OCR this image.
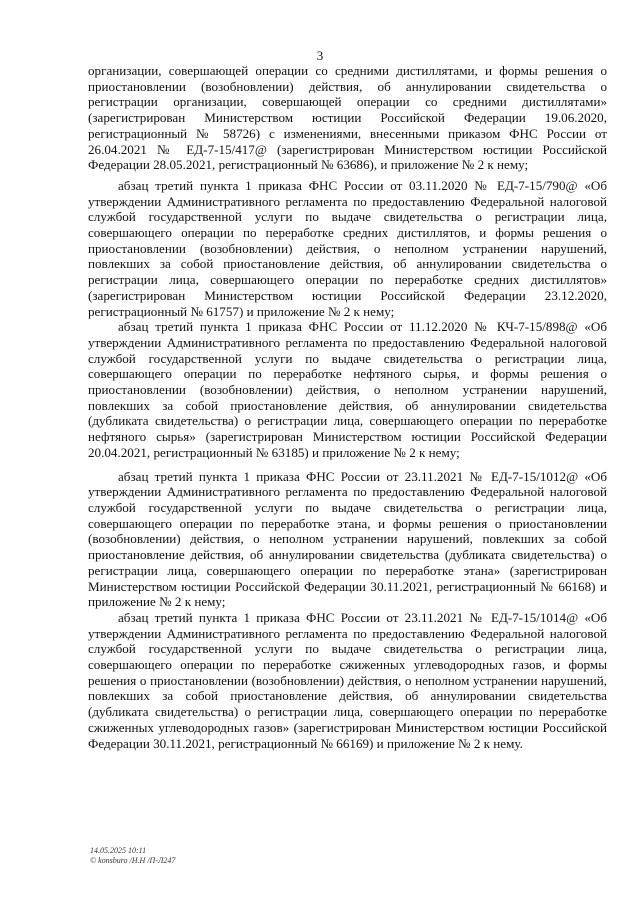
3

организации, совершающей операции со средними дистиллятами, и формы решения о приостановлении (возобновлении) действия, об аннулировании свидетельства о регистрации организации, совершающей операции со средними дистиллятами» (зарегистрирован Министерством юстиции Российской Федерации 19.06.2020, регистрационный № 58726) с изменениями, внесенными приказом ФНС России от 26.04.2021 № ЕД-7-15/417@ (зарегистрирован Министерством юстиции Российской Федерации 28.05.2021, регистрационный № 63686), и приложение № 2 к нему;

абзац третий пункта 1 приказа ФНС России от 03.11.2020 № ЕД-7-15/790@ «Об утверждении Административного регламента по предоставлению Федеральной налоговой службой государственной услуги по выдаче свидетельства о регистрации лица, совершающего операции по переработке средних дистиллятов, и формы решения о приостановлении (возобновлении) действия, о неполном устранении нарушений, повлекших за собой приостановление действия, об аннулировании свидетельства о регистрации лица, совершающего операции по переработке средних дистиллятов» (зарегистрирован Министерством юстиции Российской Федерации 23.12.2020, регистрационный № 61757) и приложение № 2 к нему;

абзац третий пункта 1 приказа ФНС России от 11.12.2020 № КЧ-7-15/898@ «Об утверждении Административного регламента по предоставлению Федеральной налоговой службой государственной услуги по выдаче свидетельства о регистрации лица, совершающего операции по переработке нефтяного сырья, и формы решения о приостановлении (возобновлении) действия, о неполном устранении нарушений, повлекших за собой приостановление действия, об аннулировании свидетельства (дубликата свидетельства) о регистрации лица, совершающего операции по переработке нефтяного сырья» (зарегистрирован Министерством юстиции Российской Федерации 20.04.2021, регистрационный № 63185) и приложение № 2 к нему;

абзац третий пункта 1 приказа ФНС России от 23.11.2021 № ЕД-7-15/1012@ «Об утверждении Административного регламента по предоставлению Федеральной налоговой службой государственной услуги по выдаче свидетельства о регистрации лица, совершающего операции по переработке этана, и формы решения о приостановлении (возобновлении) действия, о неполном устранении нарушений, повлекших за собой приостановление действия, об аннулировании свидетельства (дубликата свидетельства) о регистрации лица, совершающего операции по переработке этана» (зарегистрирован Министерством юстиции Российской Федерации 30.11.2021, регистрационный № 66168) и приложение № 2 к нему;

абзац третий пункта 1 приказа ФНС России от 23.11.2021 № ЕД-7-15/1014@ «Об утверждении Административного регламента по предоставлению Федеральной налоговой службой государственной услуги по выдаче свидетельства о регистрации лица, совершающего операции по переработке сжиженных углеводородных газов, и формы решения о приостановлении (возобновлении) действия, о неполном устранении нарушений, повлекших за собой приостановление действия, об аннулировании свидетельства (дубликата свидетельства) о регистрации лица, совершающего операции по переработке сжиженных углеводородных газов» (зарегистрирован Министерством юстиции Российской Федерации 30.11.2021, регистрационный № 66169) и приложение № 2 к нему.

14.05.2025 10:11
© konsburo /Н.Н /П-Л247
